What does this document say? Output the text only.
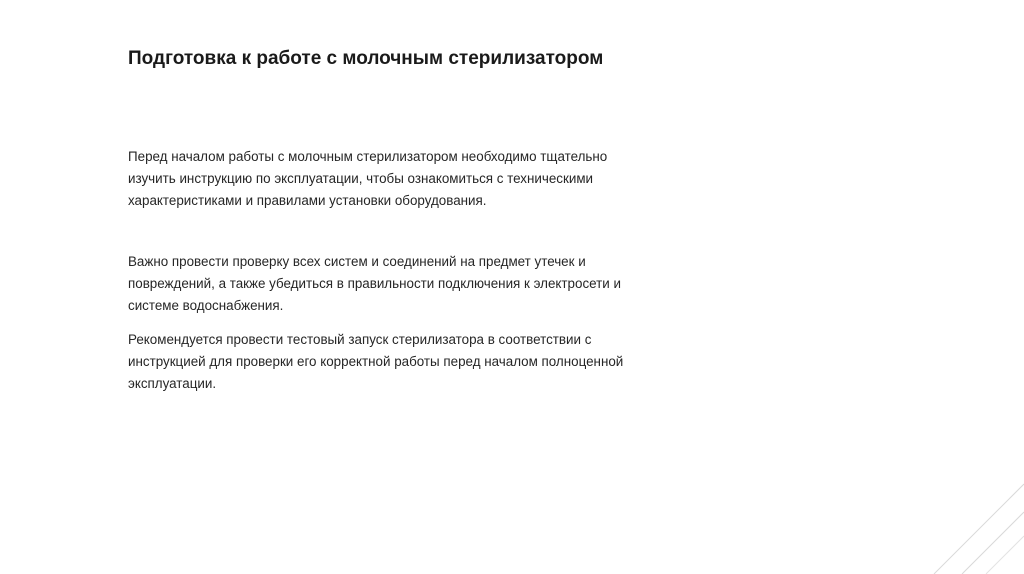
Подготовка к работе с молочным стерилизатором

Перед началом работы с молочным стерилизатором необходимо тщательно
изучить инструкцию по эксплуатации, чтобы ознакомиться с техническими
характеристиками и правилами установки оборудования.

Важно провести проверку всех систем и соединений на предмет утечек и
повреждений, а также убедиться в правильности подключения к электросети и
системе водоснабжения.

Рекомендуется провести тестовый запуск стерилизатора в соответствии с
инструкцией для проверки его корректной работы перед началом полноценной
эксплуатации.
